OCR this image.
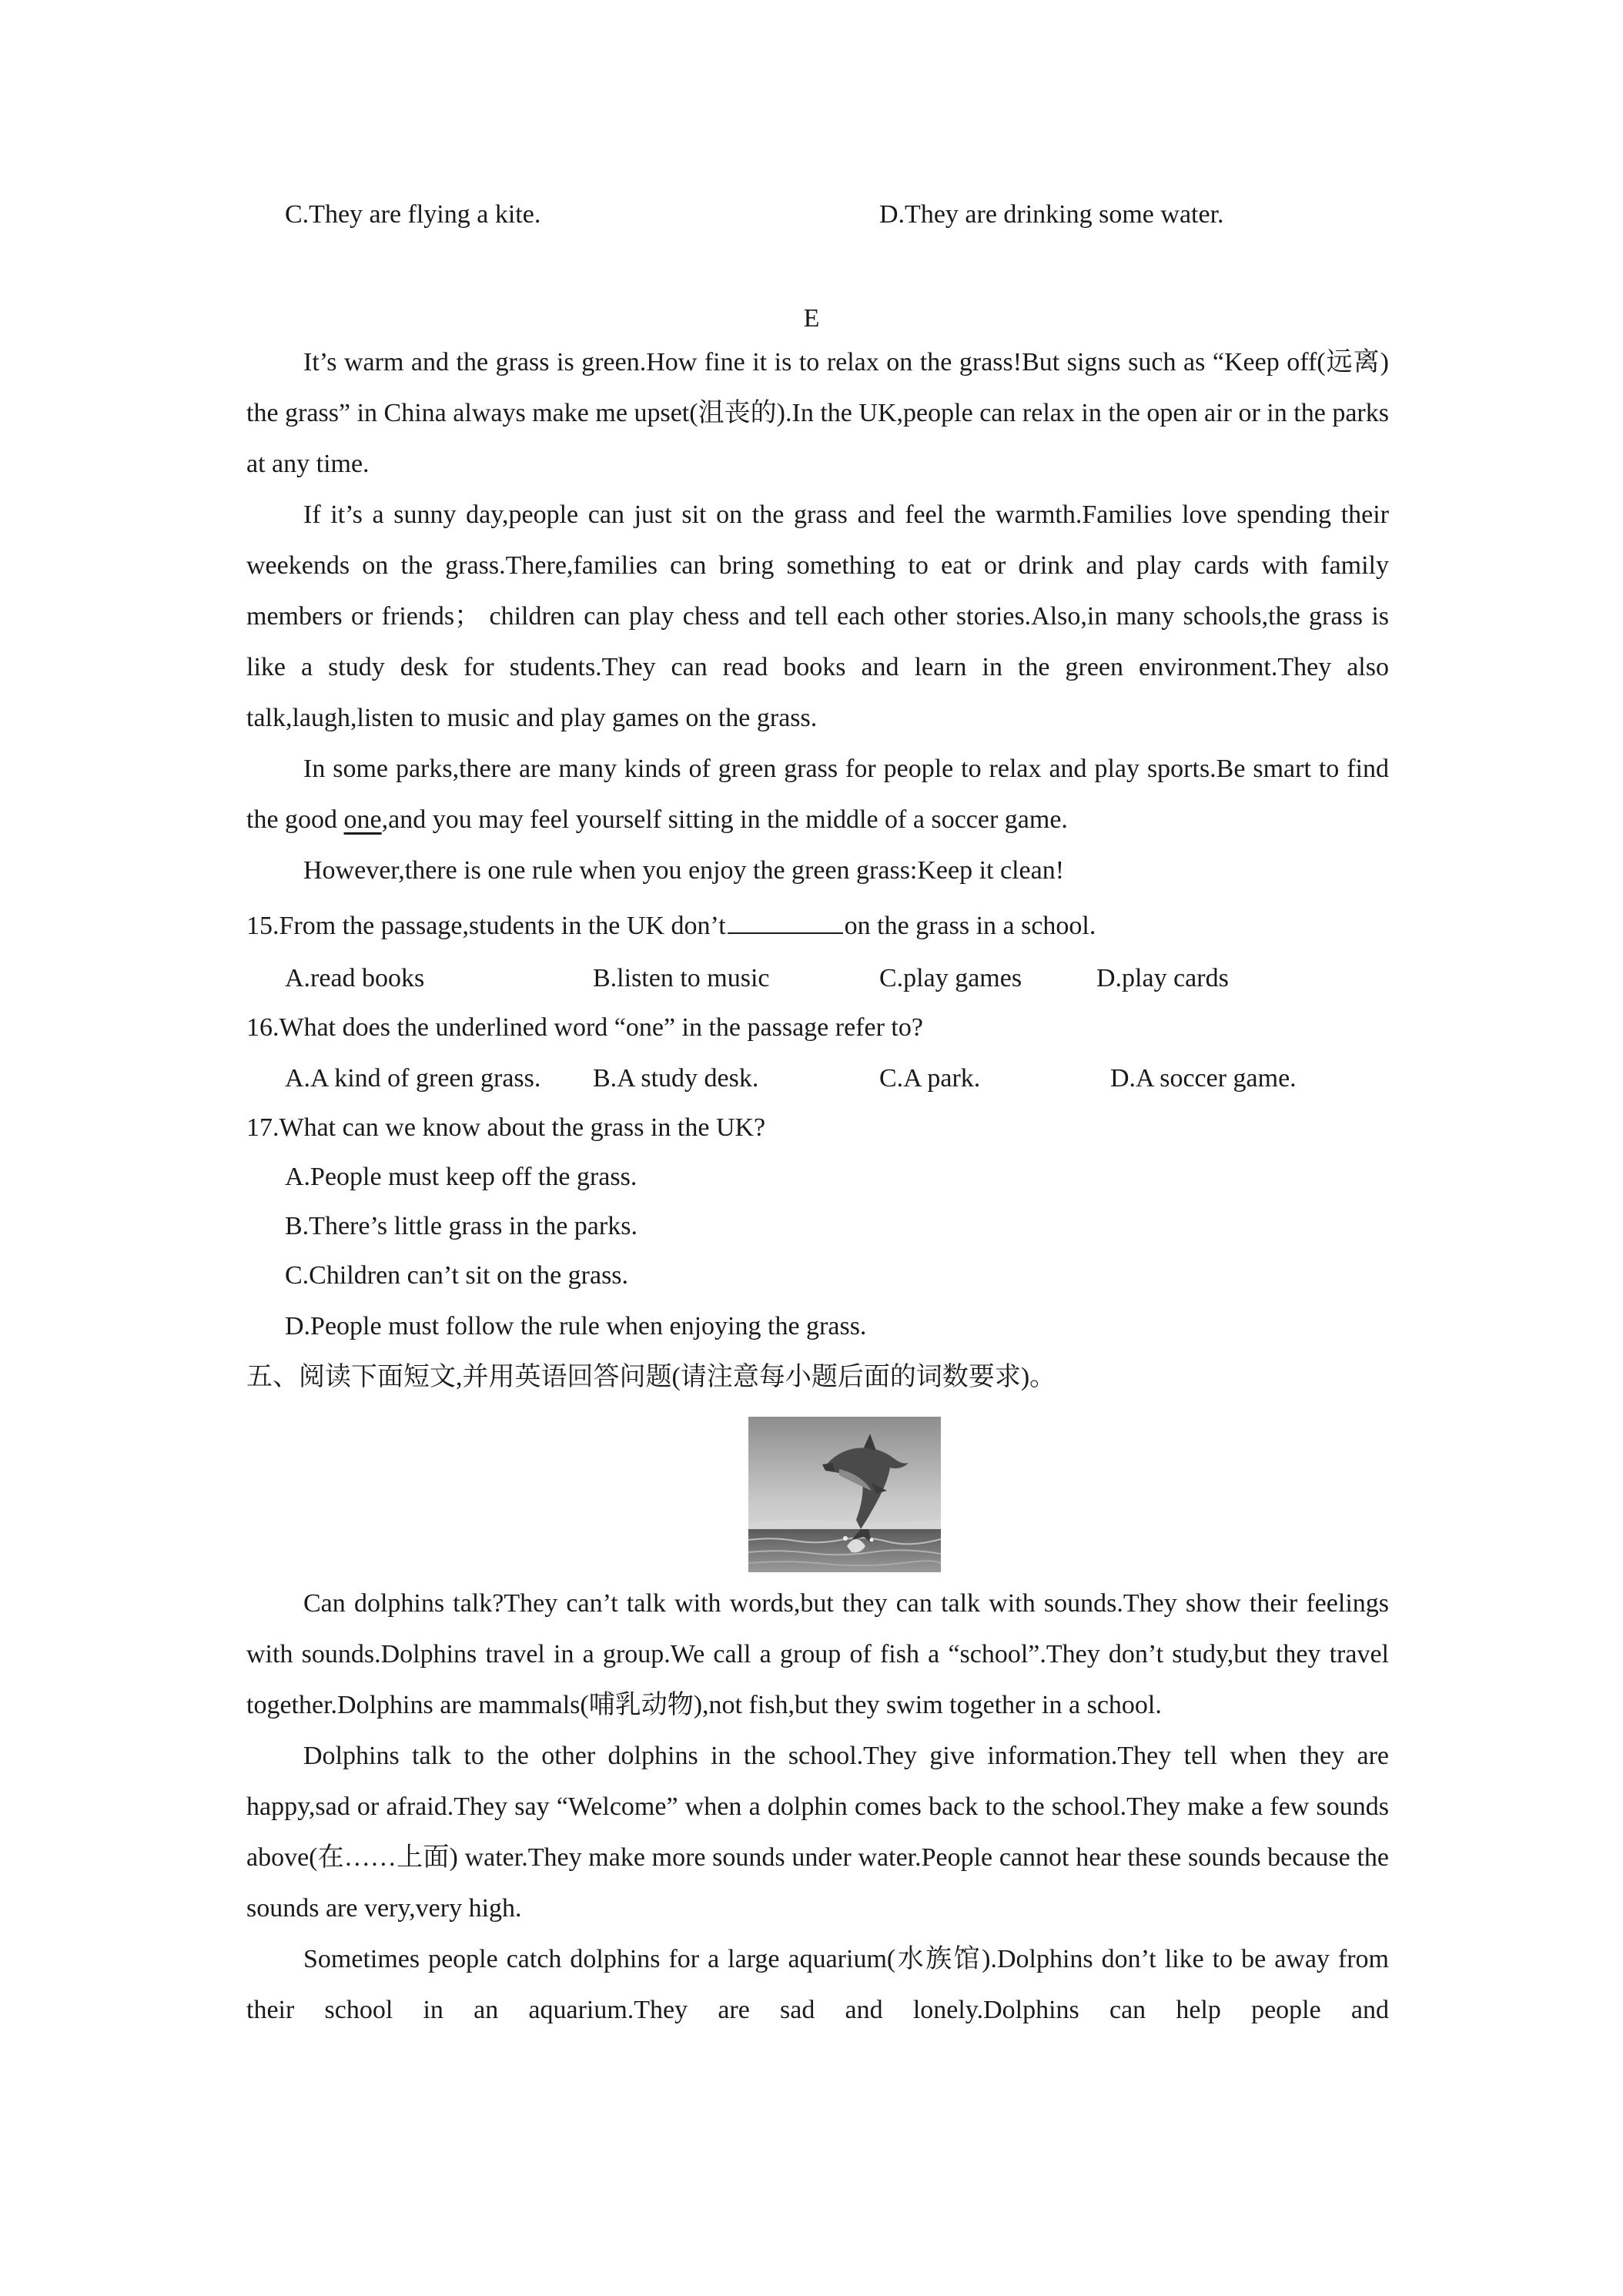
C.They are flying a kite.	D.They are drinking some water.
E

It’s warm and the grass is green.How fine it is to relax on the grass!But signs such as “Keep off(远离) the grass” in China always make me upset(沮丧的).In the UK,people can relax in the open air or in the parks at any time.

If it’s a sunny day,people can just sit on the grass and feel the warmth.Families love spending their weekends on the grass.There,families can bring something to eat or drink and play cards with family members or friends； children can play chess and tell each other stories.Also,in many schools,the grass is like a study desk for students.They can read books and learn in the green environment.They also talk,laugh,listen to music and play games on the grass.

In some parks,there are many kinds of green grass for people to relax and play sports.Be smart to find the good one,and you may feel yourself sitting in the middle of a soccer game.

However,there is one rule when you enjoy the green grass:Keep it clean!

15.From the passage,students in the UK don’t	on the grass in a school.
A.read books	B.listen to music	C.play games	D.play cards
16.What does the underlined word “one” in the passage refer to?
A.A kind of green grass. B.A study desk.	C.A park.	D.A soccer game.
17.What can we know about the grass in the UK?
A.People must keep off the grass.
B.There’s little grass in the parks.
C.Children can’t sit on the grass.
D.People must follow the rule when enjoying the grass.
五、阅读下面短文,并用英语回答问题(请注意每小题后面的词数要求)。

Can dolphins talk?They can’t talk with words,but they can talk with sounds.They show their feelings with sounds.Dolphins travel in a group.We call a group of fish a “school”.They don’t study,but they travel together.Dolphins are mammals(哺乳动物),not fish,but they swim together in a school.

Dolphins talk to the other dolphins in the school.They give information.They tell when they are happy,sad or afraid.They say “Welcome” when a dolphin comes back to the school.They make a few sounds above(在……上面) water.They make more sounds under water.People cannot hear these sounds because the sounds are very,very high.

Sometimes people catch dolphins for a large aquarium(水族馆).Dolphins don’t like to be away from their school in an aquarium.They are sad and lonely.Dolphins can help people and
